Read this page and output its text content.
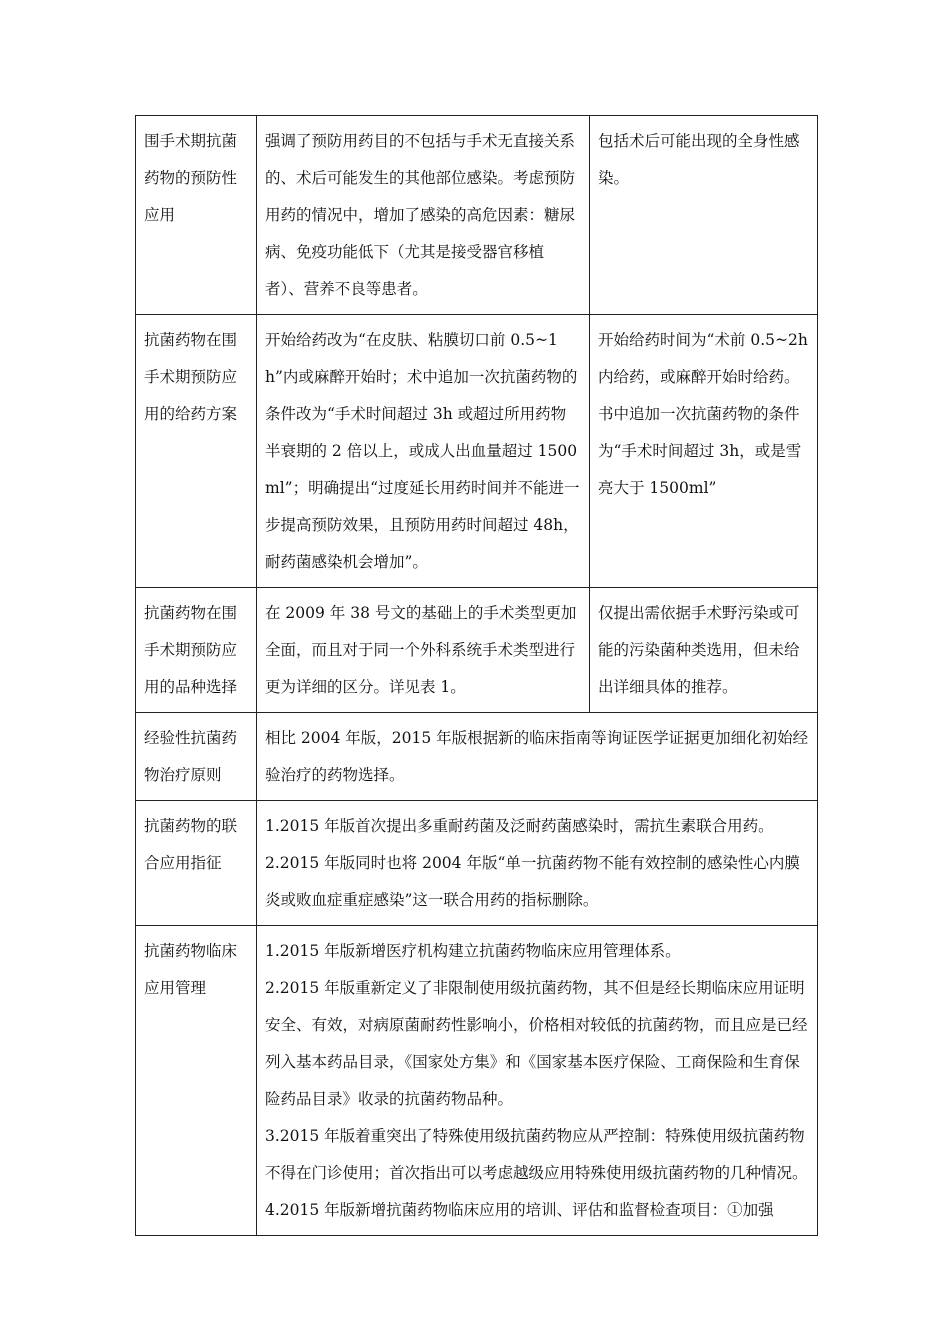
围手术期抗菌药物的预防性应用	强调了预防用药目的不包括与手术无直接关系的、术后可能发生的其他部位感染。考虑预防用药的情况中，增加了感染的高危因素：糖尿病、免疫功能低下（尤其是接受器官移植者）、营养不良等患者。	包括术后可能出现的全身性感染。
抗菌药物在围手术期预防应用的给药方案	开始给药改为“在皮肤、粘膜切口前 0.5~1h”内或麻醉开始时；术中追加一次抗菌药物的条件改为“手术时间超过 3h 或超过所用药物半衰期的 2 倍以上，或成人出血量超过 1500ml”；明确提出“过度延长用药时间并不能进一步提高预防效果，且预防用药时间超过 48h，耐药菌感染机会增加”。	开始给药时间为“术前 0.5~2h 内给药，或麻醉开始时给药。书中追加一次抗菌药物的条件为“手术时间超过 3h，或是雪亮大于 1500ml”
抗菌药物在围手术期预防应用的品种选择	在 2009 年 38 号文的基础上的手术类型更加全面，而且对于同一个外科系统手术类型进行更为详细的区分。详见表 1。	仅提出需依据手术野污染或可能的污染菌种类选用，但未给出详细具体的推荐。
经验性抗菌药物治疗原则	相比 2004 年版，2015 年版根据新的临床指南等询证医学证据更加细化初始经验治疗的药物选择。	
抗菌药物的联合应用指征	1.2015 年版首次提出多重耐药菌及泛耐药菌感染时，需抗生素联合用药。
2.2015 年版同时也将 2004 年版“单一抗菌药物不能有效控制的感染性心内膜炎或败血症重症感染”这一联合用药的指标删除。	

抗菌药物临床应用管理	1.2015 年版新增医疗机构建立抗菌药物临床应用管理体系。
2.2015 年版重新定义了非限制使用级抗菌药物，其不但是经长期临床应用证明安全、有效，对病原菌耐药性影响小，价格相对较低的抗菌药物，而且应是已经列入基本药品目录，《国家处方集》和《国家基本医疗保险、工商保险和生育保险药品目录》收录的抗菌药物品种。
3.2015 年版着重突出了特殊使用级抗菌药物应从严控制：特殊使用级抗菌药物不得在门诊使用；首次指出可以考虑越级应用特殊使用级抗菌药物的几种情况。
4.2015 年版新增抗菌药物临床应用的培训、评估和监督检查项目：①加强	
